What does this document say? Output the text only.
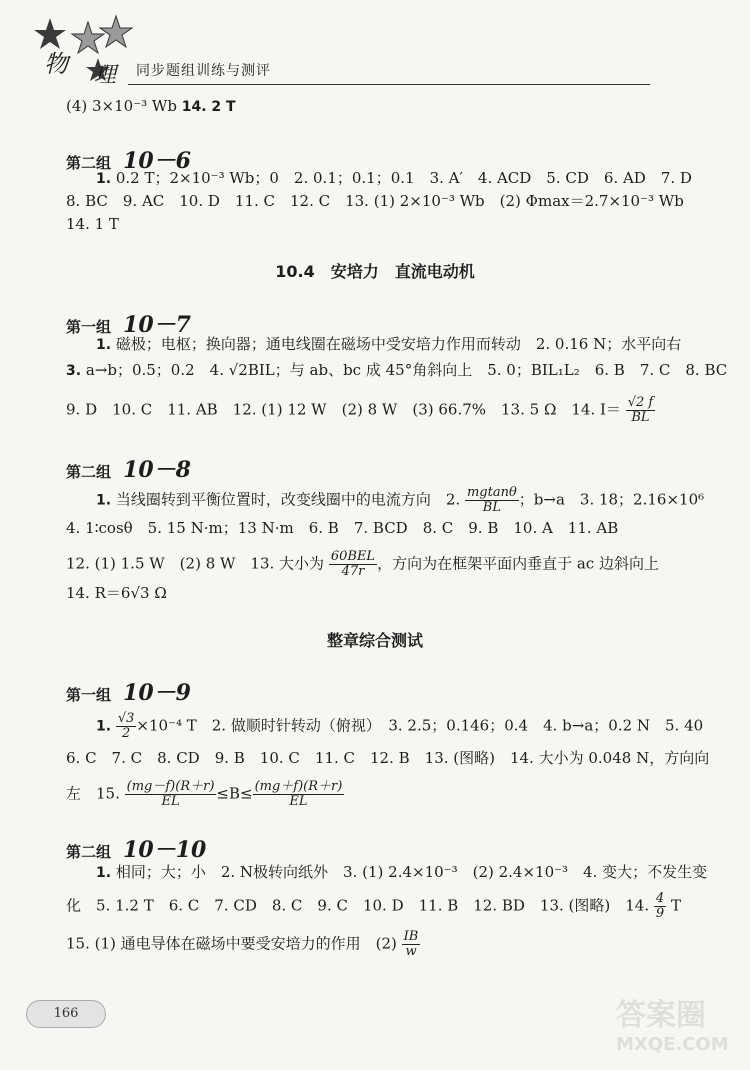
物 理 同步题组训练与测评
(4) 3×10⁻³ Wb 14. 2 T
第二组 10－6
1. 0.2 T；2×10⁻³ Wb；0　2. 0.1；0.1；0.1　3. A′　4. ACD　5. CD　6. AD　7. D
8. BC　9. AC　10. D　11. C　12. C　13. (1) 2×10⁻³ Wb　(2) Φmax＝2.7×10⁻³ Wb
14. 1 T
10.4　安培力　直流电动机
第一组 10－7
1. 磁极；电枢；换向器；通电线圈在磁场中受安培力作用而转动　2. 0.16 N；水平向右
3. a→b；0.5；0.2　4. √2BIL；与 ab、bc 成 45°角斜向上　5. 0；BIL₁L₂　6. B　7. C　8. BC
9. D　10. C　11. AB　12. (1) 12 W　(2) 8 W　(3) 66.7%　13. 5 Ω　14. $I= \frac{√2 f}{BL}$
第二组 10－8
1. 当线圈转到平衡位置时，改变线圈中的电流方向　2. $\frac{mgtan\theta}{BL}$ ；b→a　3. 18；2.16×10⁶
4. 1∶cosθ　5. 15 N·m；13 N·m　6. B　7. BCD　8. C　9. B　10. A　11. AB
12. (1) 1.5 W　(2) 8 W　13. 大小为 $\frac{\text{60BEL}}{47r}$ ，方向为在框架平面内垂直于 ac 边斜向上
14. R＝6√3 Ω
整章综合测试
第一组 10－9
1. $\frac{√3}{2} \times 10^{-4}$ T　2. 做顺时针转动（俯视）　3. 2.5；0.146；0.4　4. b→a；0.2 N　5. 40
6. C　7. C　8. CD　9. B　10. C　11. C　12. B　13. (图略)　14. 大小为 0.048 N，方向向
左　15. $\frac{(mg-f)(R+r)}{EL} \le B\le \frac{(mg+f)(R+r)}{EL}$
第二组 10－10
1. 相同；大；小　2. N极转向纸外　3. (1) 2.4×10⁻³　(2) 2.4×10⁻³　4. 变大；不发生变
化　5. 1.2 T　6. C　7. CD　8. C　9. C　10. D　11. B　12. BD　13. (图略)　14. $\frac{4}{9}$ T
15. (1) 通电导体在磁场中要受安培力的作用　$(2) \frac{IB}{w}$
166	答案圈
MXQE.COM
